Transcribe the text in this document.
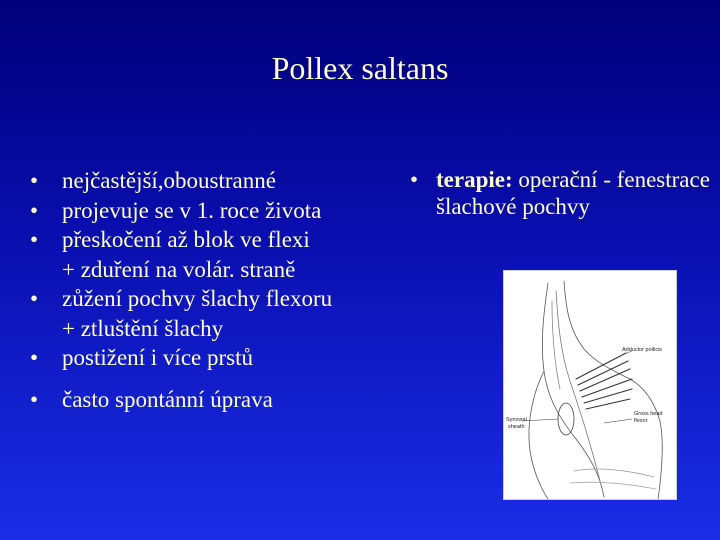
Pollex saltans
• nejčastější,oboustranné
• projevuje se v 1. roce života
• přeskočení až blok ve flexi
+ zduření na volár. straně
• zůžení pochvy šlachy flexoru
+ ztluštění šlachy
• postižení i více prstů
• často spontánní úprava
• terapie: operační - fenestrace šlachové pochvy
Adductor pollicis
Synovial
sheath
Gross head
flexor
